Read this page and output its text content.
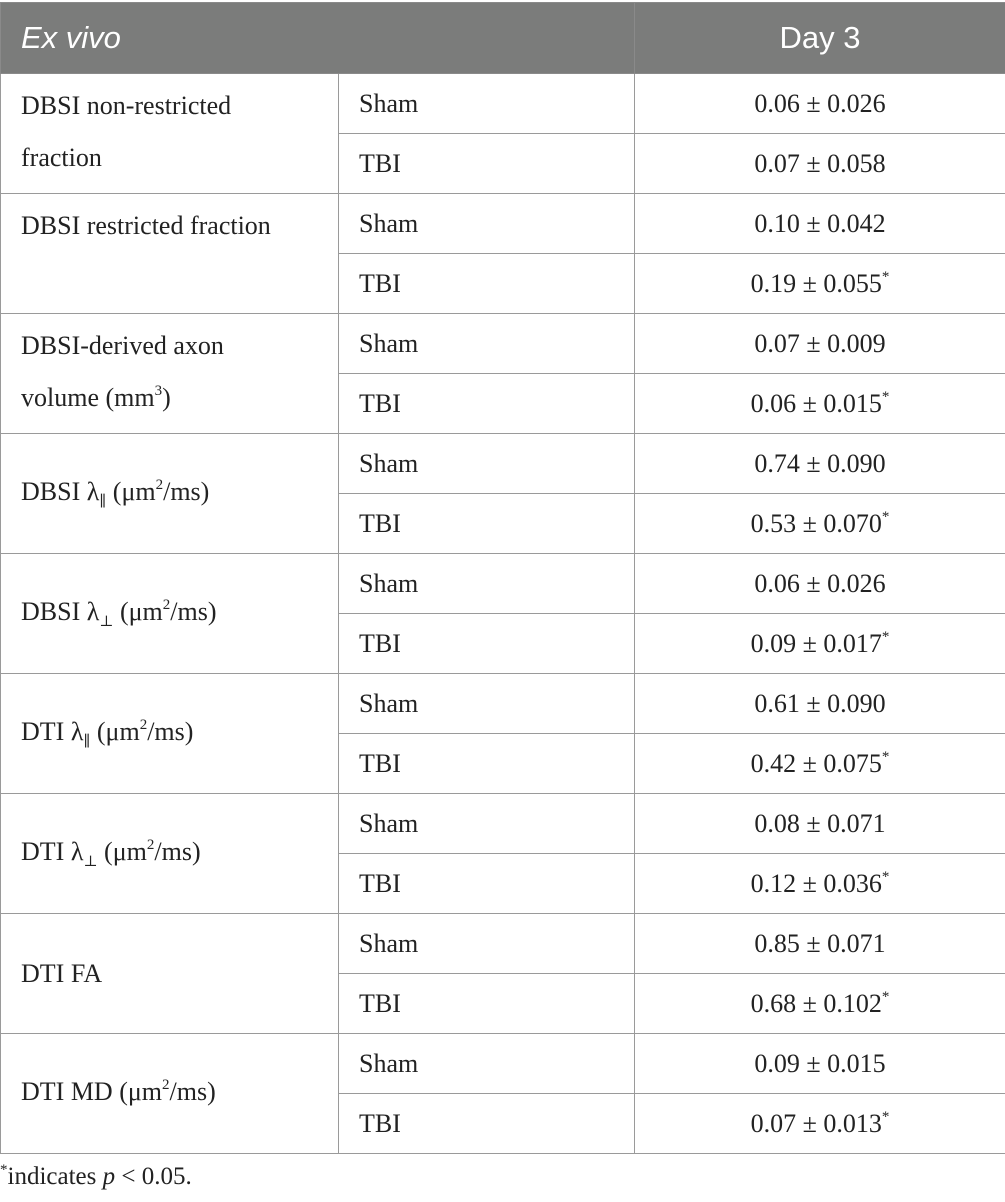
Ex vivo		Day 3
DBSI non-restricted
fraction	Sham	0.06 ± 0.026
	TBI	0.07 ± 0.058
DBSI restricted fraction	Sham	0.10 ± 0.042
	TBI	0.19 ± 0.055*
DBSI-derived axon
volume $(mm^3)$	Sham	0.07 ± 0.009
	TBI	0.06 ± 0.015*
DBSI $\lambda_\parallel$ $(\mu m^2/ms)$	Sham	0.74 ± 0.090
	TBI	0.53 ± 0.070*
DBSI $\lambda_\perp$ $(\mu m^2/ms)$	Sham	0.06 ± 0.026
	TBI	0.09 ± 0.017*
DTI $\lambda_\parallel$ $(\mu m^2/ms)$	Sham	0.61 ± 0.090
	TBI	0.42 ± 0.075*
DTI $\lambda_\perp$ $(\mu m^2/ms)$	Sham	0.08 ± 0.071
	TBI	0.12 ± 0.036*
DTI FA	Sham	0.85 ± 0.071
	TBI	0.68 ± 0.102*
DTI MD $(\mu m^2/ms)$	Sham	0.09 ± 0.015
	TBI	0.07 ± 0.013*
*indicates p < 0.05.
